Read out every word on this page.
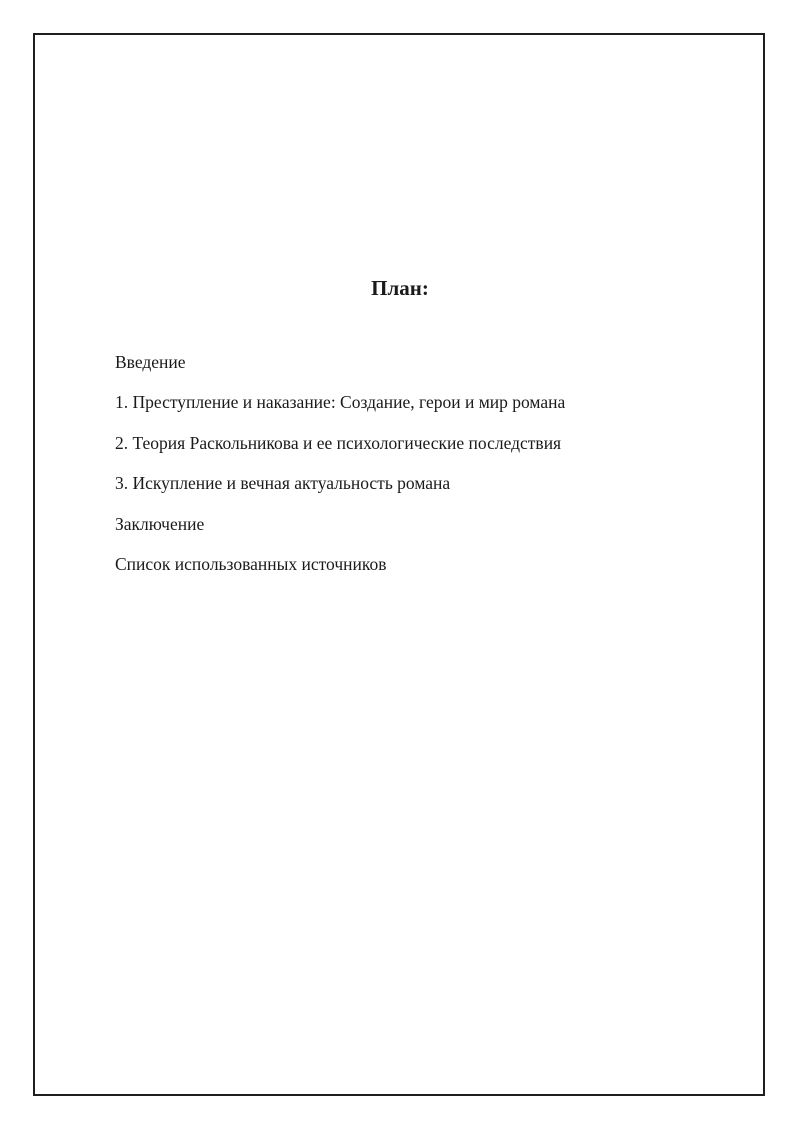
План:
Введение
1. Преступление и наказание: Создание, герои и мир романа
2. Теория Раскольникова и ее психологические последствия
3. Искупление и вечная актуальность романа
Заключение
Список использованных источников
